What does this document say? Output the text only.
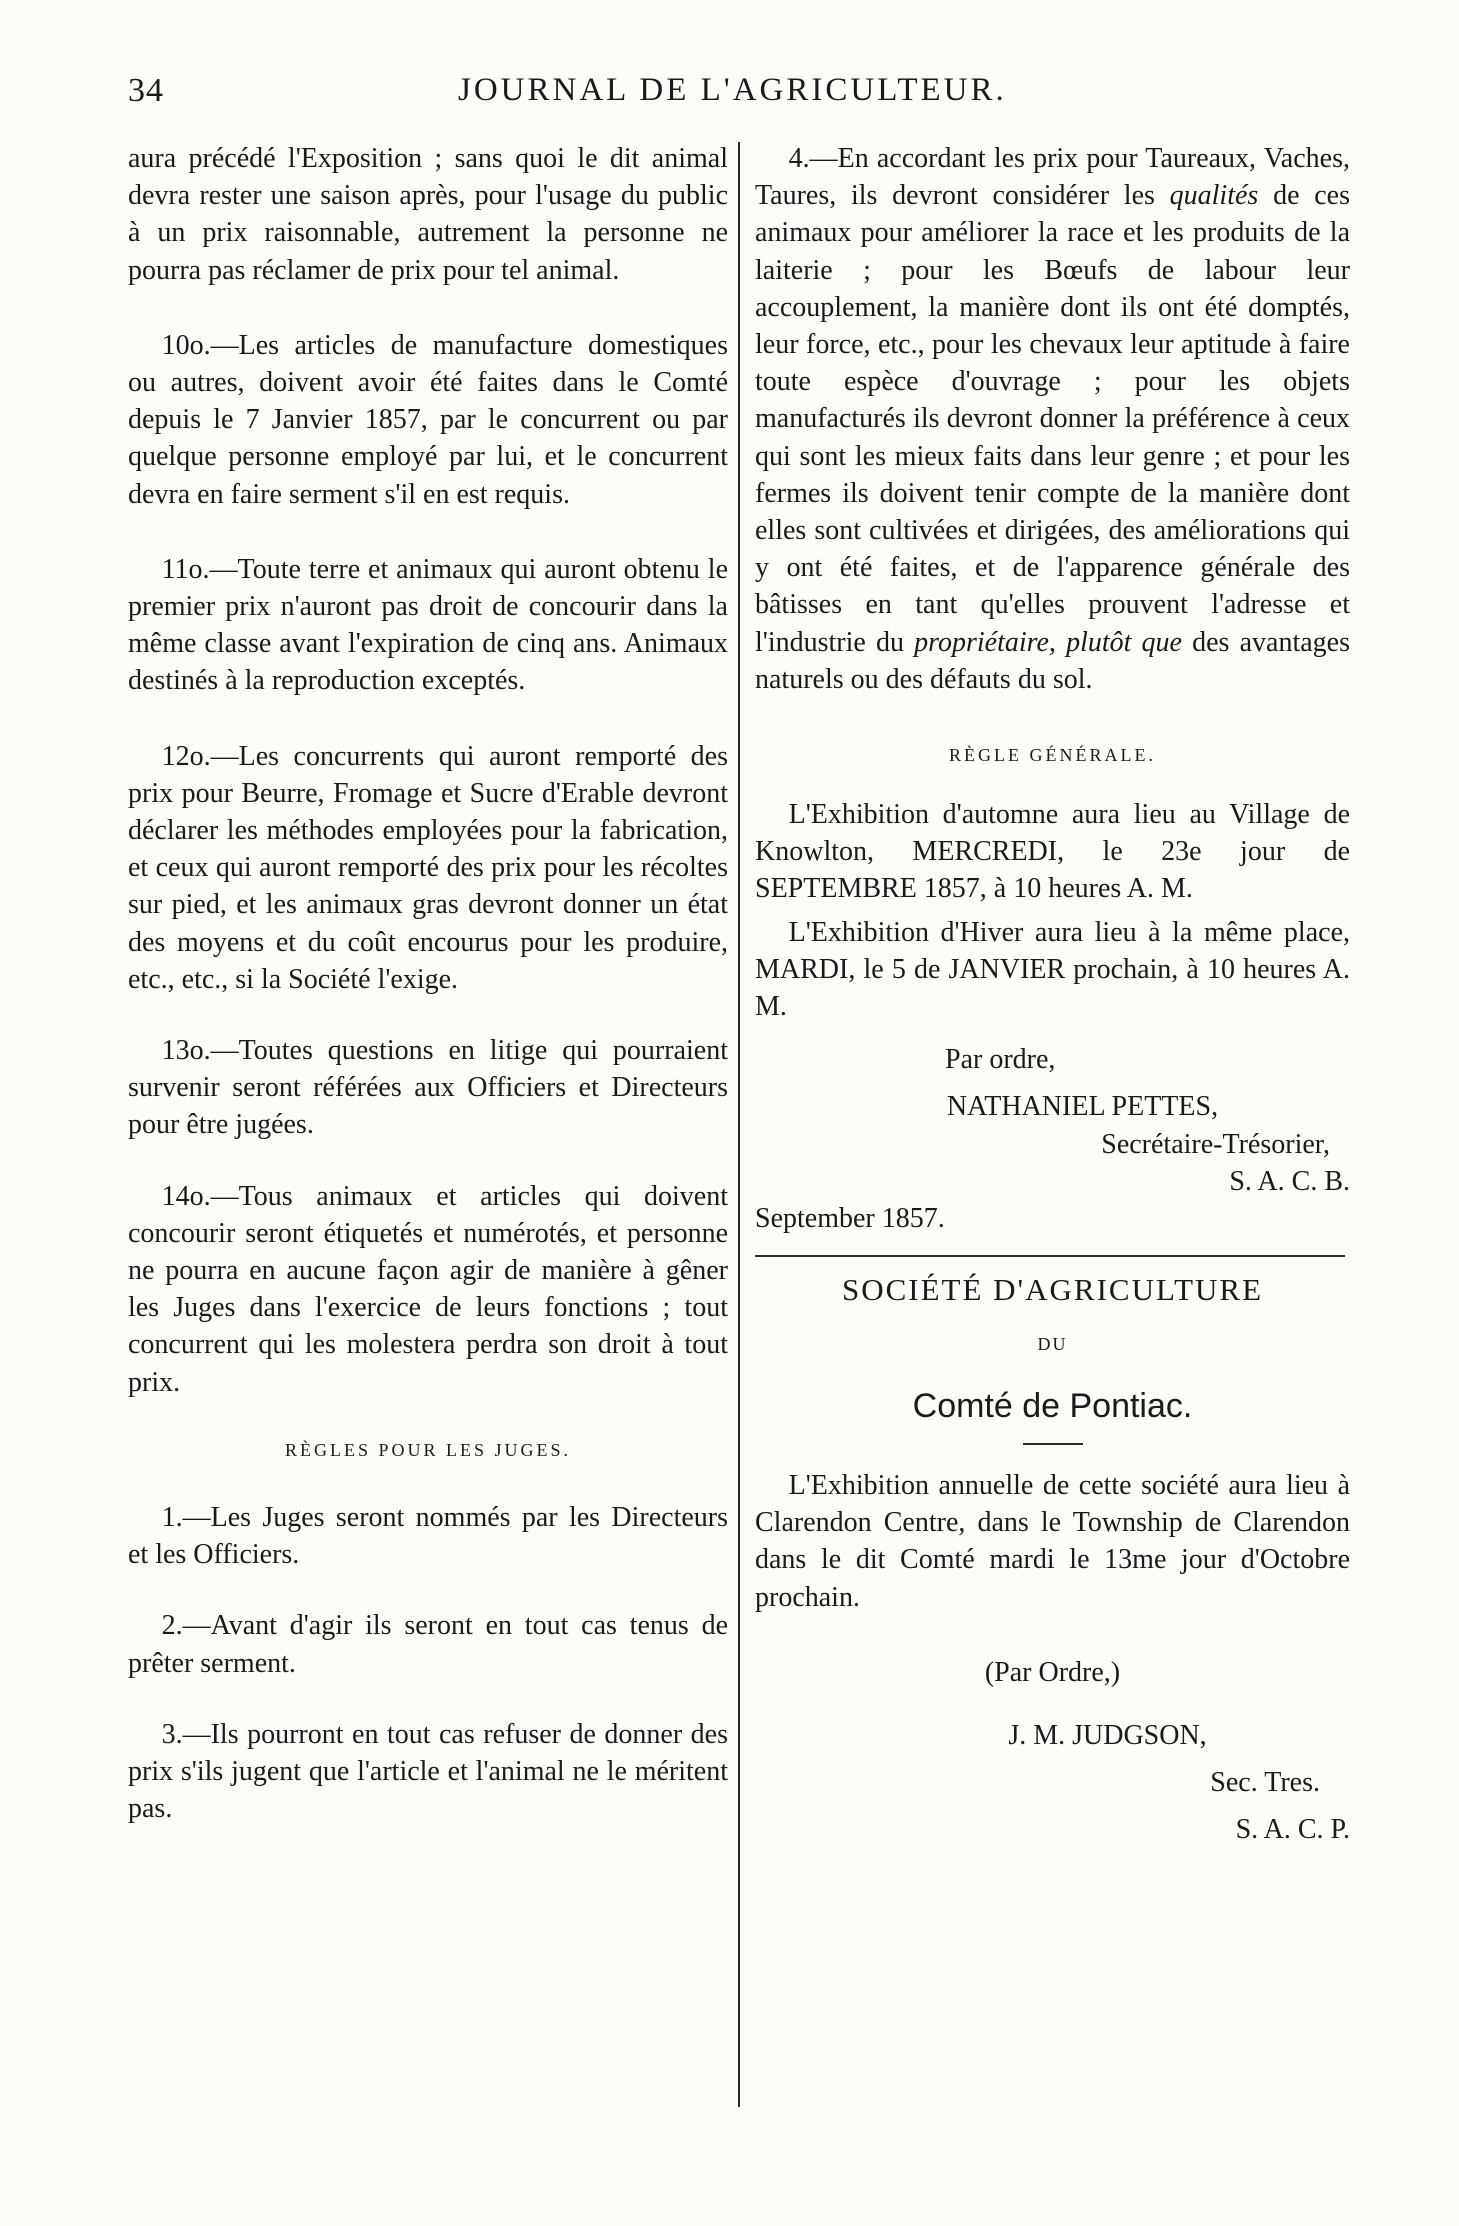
34	JOURNAL DE L'AGRICULTEUR.

aura précédé l'Exposition ; sans quoi le dit animal devra rester une saison après, pour l'usage du public à un prix raisonnable, autrement la personne ne pourra pas réclamer de prix pour tel animal.

10o.—Les articles de manufacture domestiques ou autres, doivent avoir été faites dans le Comté depuis le 7 Janvier 1857, par le concurrent ou par quelque personne employé par lui, et le concurrent devra en faire serment s'il en est requis.

11o.—Toute terre et animaux qui auront obtenu le premier prix n'auront pas droit de concourir dans la même classe avant l'expiration de cinq ans. Animaux destinés à la reproduction exceptés.

12o.—Les concurrents qui auront remporté des prix pour Beurre, Fromage et Sucre d'Erable devront déclarer les méthodes employées pour la fabrication, et ceux qui auront remporté des prix pour les récoltes sur pied, et les animaux gras devront donner un état des moyens et du coût encourus pour les produire, etc., etc., si la Société l'exige.

13o.—Toutes questions en litige qui pourraient survenir seront référées aux Officiers et Directeurs pour être jugées.

14o.—Tous animaux et articles qui doivent concourir seront étiquetés et numérotés, et personne ne pourra en aucune façon agir de manière à gêner les Juges dans l'exercice de leurs fonctions ; tout concurrent qui les molestera perdra son droit à tout prix.

RÈGLES POUR LES JUGES.

1.—Les Juges seront nommés par les Directeurs et les Officiers.

2.—Avant d'agir ils seront en tout cas tenus de prêter serment.

3.—Ils pourront en tout cas refuser de donner des prix s'ils jugent que l'article et l'animal ne le méritent pas.

4.—En accordant les prix pour Taureaux, Vaches, Taures, ils devront considérer les qualités de ces animaux pour améliorer la race et les produits de la laiterie ; pour les Bœufs de labour leur accouplement, la manière dont ils ont été domptés, leur force, etc., pour les chevaux leur aptitude à faire toute espèce d'ouvrage ; pour les objets manufacturés ils devront donner la préférence à ceux qui sont les mieux faits dans leur genre ; et pour les fermes ils doivent tenir compte de la manière dont elles sont cultivées et dirigées, des améliorations qui y ont été faites, et de l'apparence générale des bâtisses en tant qu'elles prouvent l'adresse et l'industrie du propriétaire, plutôt que des avantages naturels ou des défauts du sol.

RÈGLE GÉNÉRALE.

L'Exhibition d'automne aura lieu au Village de Knowlton, MERCREDI, le 23e jour de SEPTEMBRE 1857, à 10 heures A. M.

L'Exhibition d'Hiver aura lieu à la même place, MARDI, le 5 de JANVIER prochain, à 10 heures A. M.

Par ordre,

NATHANIEL PETTES,

Secrétaire-Trésorier,

S. A. C. B.

September 1857.

SOCIÉTÉ D'AGRICULTURE

DU

Comté de Pontiac.

L'Exhibition annuelle de cette société aura lieu à Clarendon Centre, dans le Township de Clarendon dans le dit Comté mardi le 13me jour d'Octobre prochain.

(Par Ordre,)

J. M. JUDGSON,

Sec. Tres.

S. A. C. P.
